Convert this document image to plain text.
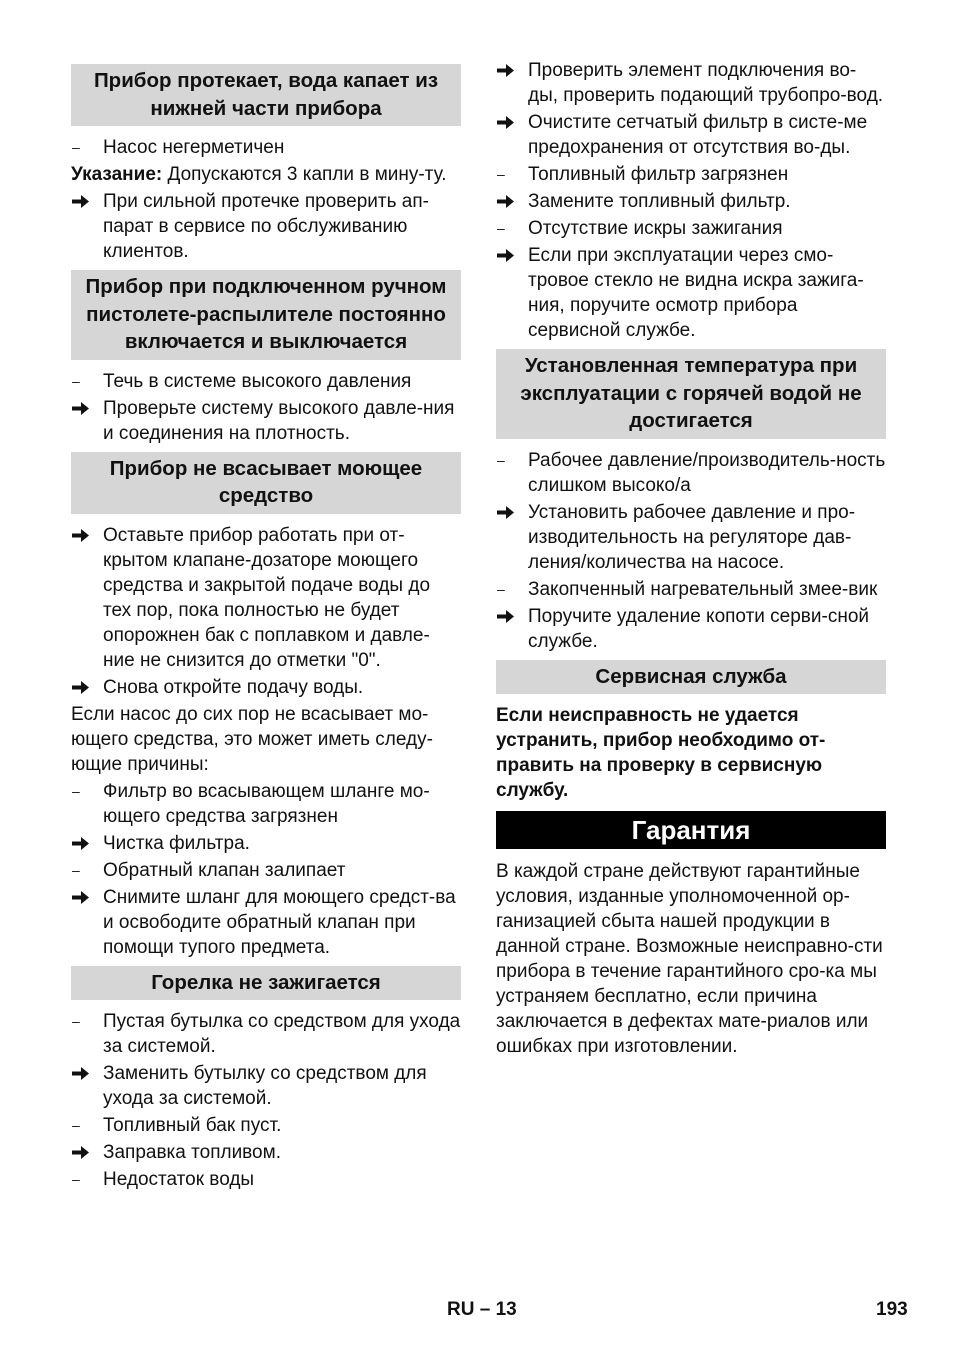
Прибор протекает, вода капает из нижней части прибора
–	Насос негерметичен
Указание: Допускаются 3 капли в мину-ту.
При сильной протечке проверить ап-парат в сервисе по обслуживанию клиентов.
Прибор при подключенном ручном пистолете-распылителе постоянно включается и выключается
–	Течь в системе высокого давления
Проверьте систему высокого давле-ния и соединения на плотность.
Прибор не всасывает моющее средство
Оставьте прибор работать при от-крытом клапане-дозаторе моющего средства и закрытой подаче воды до тех пор, пока полностью не будет опорожнен бак с поплавком и давле-ние не снизится до отметки "0".
Снова откройте подачу воды.
Если насос до сих пор не всасывает мо-ющего средства, это может иметь следу-ющие причины:
–	Фильтр во всасывающем шланге мо-ющего средства загрязнен
Чистка фильтра.
–	Обратный клапан залипает
Снимите шланг для моющего средст-ва и освободите обратный клапан при помощи тупого предмета.
Горелка не зажигается
–	Пустая бутылка со средством для ухода за системой.
Заменить бутылку со средством для ухода за системой.
–	Топливный бак пуст.
Заправка топливом.
–	Недостаток воды
Проверить элемент подключения во-ды, проверить подающий трубопро-вод.
Очистите сетчатый фильтр в систе-ме предохранения от отсутствия во-ды.
–	Топливный фильтр загрязнен
Замените топливный фильтр.
–	Отсутствие искры зажигания
Если при эксплуатации через смо-тровое стекло не видна искра зажига-ния, поручите осмотр прибора сервисной службе.
Установленная температура при эксплуатации с горячей водой не достигается
–	Рабочее давление/производитель-ность слишком высоко/а
Установить рабочее давление и про-изводительность на регуляторе дав-ления/количества на насосе.
–	Закопченный нагревательный змее-вик
Поручите удаление копоти серви-сной службе.
Сервисная служба
Если неисправность не удается устранить, прибор необходимо от-править на проверку в сервисную службу.
Гарантия
В каждой стране действуют гарантийные условия, изданные уполномоченной ор-ганизацией сбыта нашей продукции в данной стране. Возможные неисправно-сти прибора в течение гарантийного сро-ка мы устраняем бесплатно, если причина заключается в дефектах мате-риалов или ошибках при изготовлении.
RU – 13	193
